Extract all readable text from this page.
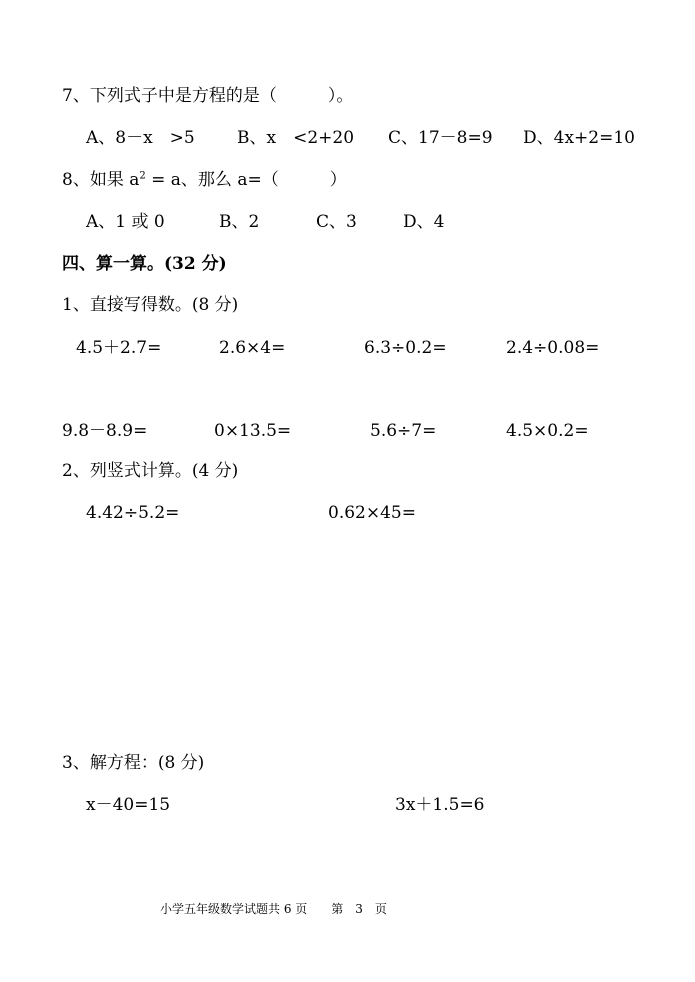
7、下列式子中是方程的是（　　　）。
A、8－x　>5 B、x　<2+20 C、17－8=9 D、4x+2=10
8、如果 $a^2 = a$、那么 a=（　　　）
A、1 或 0	B、2	C、3	D、4
四、算一算。(32 分)
1、直接写得数。(8 分)
4.5＋2.7=	2.6×4=	6.3÷0.2=	2.4÷0.08=
9.8－8.9=	0×13.5=	5.6÷7=	4.5×0.2=
2、列竖式计算。(4 分)
4.42÷5.2=	0.62×45=
3、解方程：(8 分)
x－40=15	3x＋1.5=6
小学五年级数学试题共 6 页　　第　3　页
